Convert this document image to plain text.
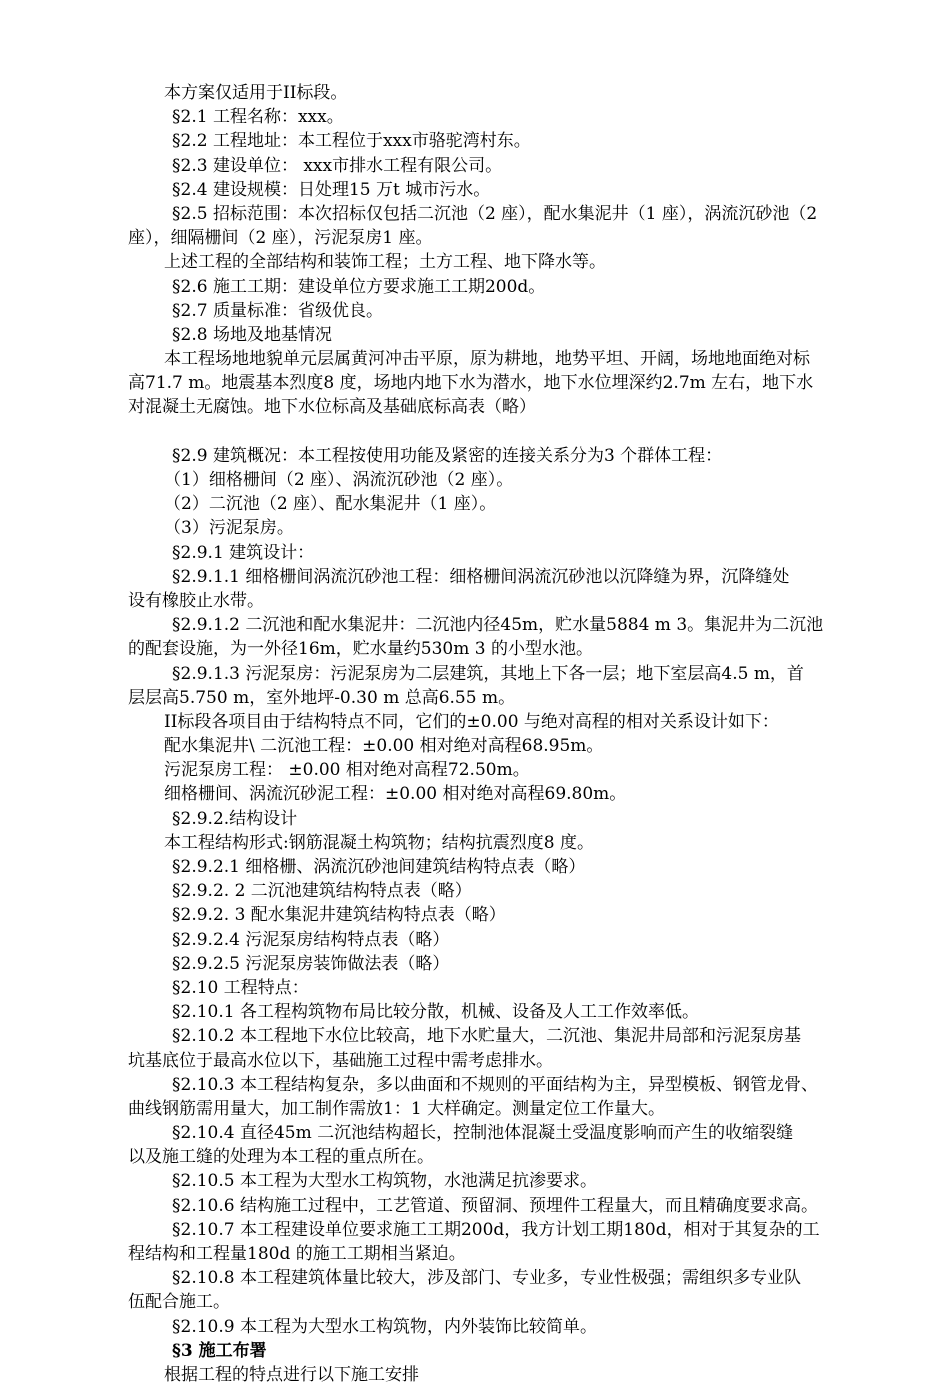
本方案仅适用于II标段。
§2.1 工程名称：xxx。
§2.2 工程地址：本工程位于xxx市骆驼湾村东。
§2.3 建设单位： xxx市排水工程有限公司。
§2.4 建设规模：日处理15 万t 城市污水。
§2.5 招标范围：本次招标仅包括二沉池（2 座），配水集泥井（1 座），涡流沉砂池（2
座），细隔栅间（2 座），污泥泵房1 座。
上述工程的全部结构和装饰工程；土方工程、地下降水等。
§2.6 施工工期：建设单位方要求施工工期200d。
§2.7 质量标准：省级优良。
§2.8 场地及地基情况
本工程场地地貌单元层属黄河冲击平原，原为耕地，地势平坦、开阔，场地地面绝对标
高71.7 m。地震基本烈度8 度，场地内地下水为潜水，地下水位埋深约2.7m 左右，地下水
对混凝土无腐蚀。地下水位标高及基础底标高表（略）
§2.9 建筑概况：本工程按使用功能及紧密的连接关系分为3 个群体工程：
（1）细格栅间（2 座）、涡流沉砂池（2 座）。
（2）二沉池（2 座）、配水集泥井（1 座）。
（3）污泥泵房。
§2.9.1 建筑设计：
§2.9.1.1 细格栅间涡流沉砂池工程：细格栅间涡流沉砂池以沉降缝为界，沉降缝处
设有橡胶止水带。
§2.9.1.2 二沉池和配水集泥井：二沉池内径45m，贮水量5884 m 3。集泥井为二沉池
的配套设施，为一外径16m，贮水量约530m 3 的小型水池。
§2.9.1.3 污泥泵房：污泥泵房为二层建筑，其地上下各一层；地下室层高4.5 m，首
层层高5.750 m，室外地坪-0.30 m 总高6.55 m。
II标段各项目由于结构特点不同，它们的±0.00 与绝对高程的相对关系设计如下：
配水集泥井\ 二沉池工程：±0.00 相对绝对高程68.95m。
污泥泵房工程： ±0.00 相对绝对高程72.50m。
细格栅间、涡流沉砂泥工程：±0.00 相对绝对高程69.80m。
§2.9.2.结构设计
本工程结构形式:钢筋混凝土构筑物；结构抗震烈度8 度。
§2.9.2.1 细格栅、涡流沉砂池间建筑结构特点表（略）
§2.9.2. 2 二沉池建筑结构特点表（略）
§2.9.2. 3 配水集泥井建筑结构特点表（略）
§2.9.2.4 污泥泵房结构特点表（略）
§2.9.2.5 污泥泵房装饰做法表（略）
§2.10 工程特点：
§2.10.1 各工程构筑物布局比较分散，机械、设备及人工工作效率低。
§2.10.2 本工程地下水位比较高，地下水贮量大，二沉池、集泥井局部和污泥泵房基
坑基底位于最高水位以下，基础施工过程中需考虑排水。
§2.10.3 本工程结构复杂，多以曲面和不规则的平面结构为主，异型模板、钢管龙骨、
曲线钢筋需用量大，加工制作需放1：1 大样确定。测量定位工作量大。
§2.10.4 直径45m 二沉池结构超长，控制池体混凝土受温度影响而产生的收缩裂缝
以及施工缝的处理为本工程的重点所在。
§2.10.5 本工程为大型水工构筑物，水池满足抗渗要求。
§2.10.6 结构施工过程中，工艺管道、预留洞、预埋件工程量大，而且精确度要求高。
§2.10.7 本工程建设单位要求施工工期200d，我方计划工期180d，相对于其复杂的工
程结构和工程量180d 的施工工期相当紧迫。
§2.10.8 本工程建筑体量比较大，涉及部门、专业多，专业性极强；需组织多专业队
伍配合施工。
§2.10.9 本工程为大型水工构筑物，内外装饰比较简单。
§3 施工布署
根据工程的特点进行以下施工安排
